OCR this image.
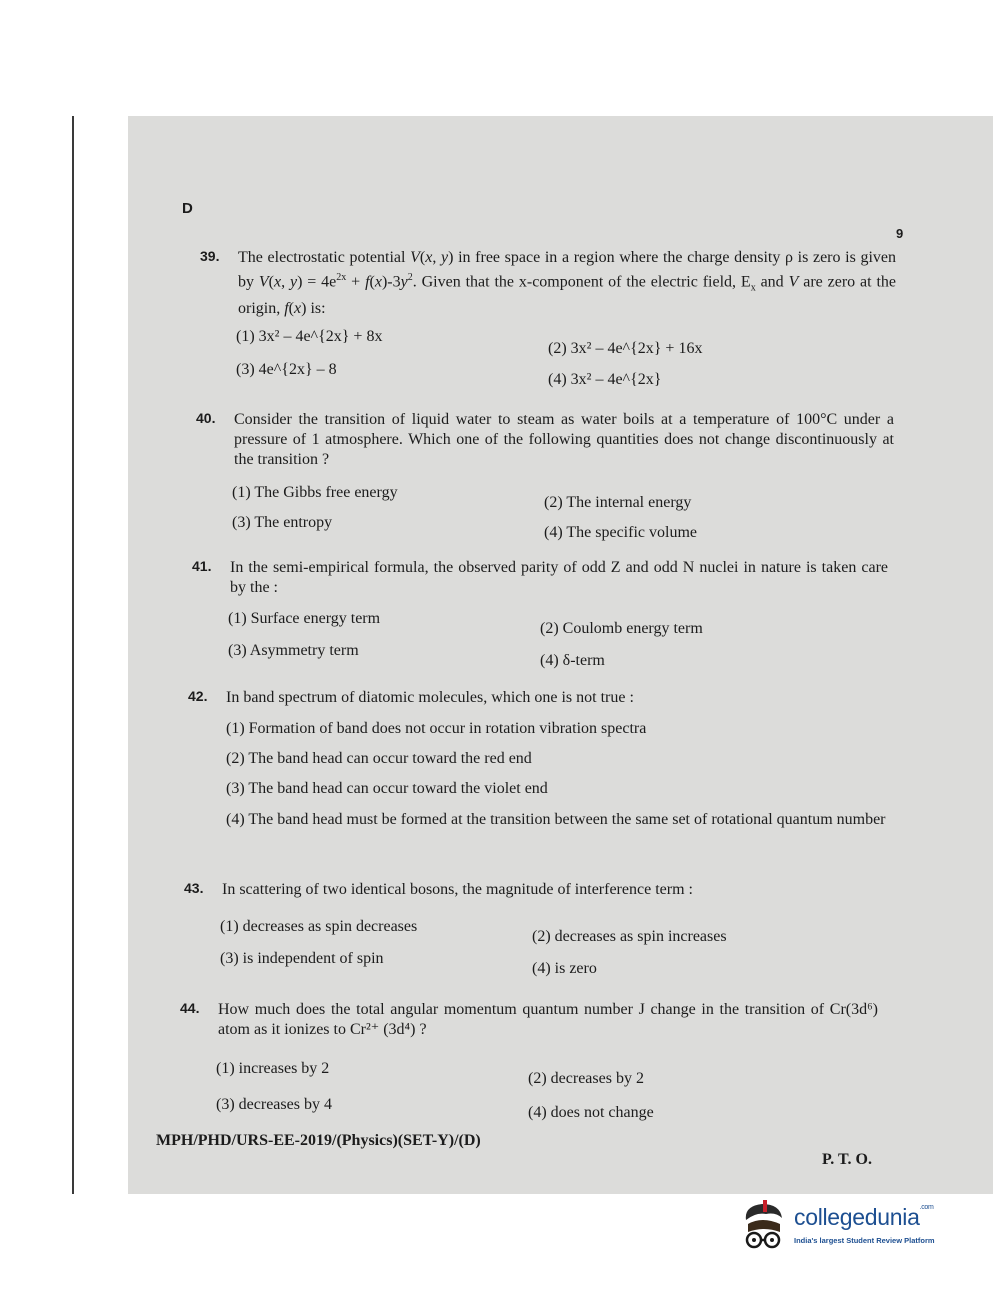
D
9
39. The electrostatic potential V(x, y) in free space in a region where the charge density ρ is zero is given by V(x, $y) = 4e^{2x} + f(x)-3y^2$. Given that the x-component of the electric field, $E_x$ and V are zero at the origin, f(x) is:
(1) 3x² – 4e^{2x} + 8x
(2) 3x² – 4e^{2x} + 16x
(3) 4e^{2x} – 8
(4) 3x² – 4e^{2x}
40. Consider the transition of liquid water to steam as water boils at a temperature of 100°C under a pressure of 1 atmosphere. Which one of the following quantities does not change discontinuously at the transition ?
(1) The Gibbs free energy
(2) The internal energy
(3) The entropy
(4) The specific volume
41. In the semi-empirical formula, the observed parity of odd Z and odd N nuclei in nature is taken care by the :
(1) Surface energy term
(2) Coulomb energy term
(3) Asymmetry term
(4) δ-term
42. In band spectrum of diatomic molecules, which one is not true :
(1) Formation of band does not occur in rotation vibration spectra
(2) The band head can occur toward the red end
(3) The band head can occur toward the violet end
(4) The band head must be formed at the transition between the same set of rotational quantum number
43. In scattering of two identical bosons, the magnitude of interference term :
(1) decreases as spin decreases
(2) decreases as spin increases
(3) is independent of spin
(4) is zero
44. How much does the total angular momentum quantum number J change in the transition of Cr(3d⁶) atom as it ionizes to Cr²⁺ (3d⁴) ?
(1) increases by 2
(2) decreases by 2
(3) decreases by 4	(4) does not change
MPH/PHD/URS-EE-2019/(Physics)(SET-Y)/(D)
P. T. O.
collegedunia$^{.com}$
India's largest Student Review Platform
